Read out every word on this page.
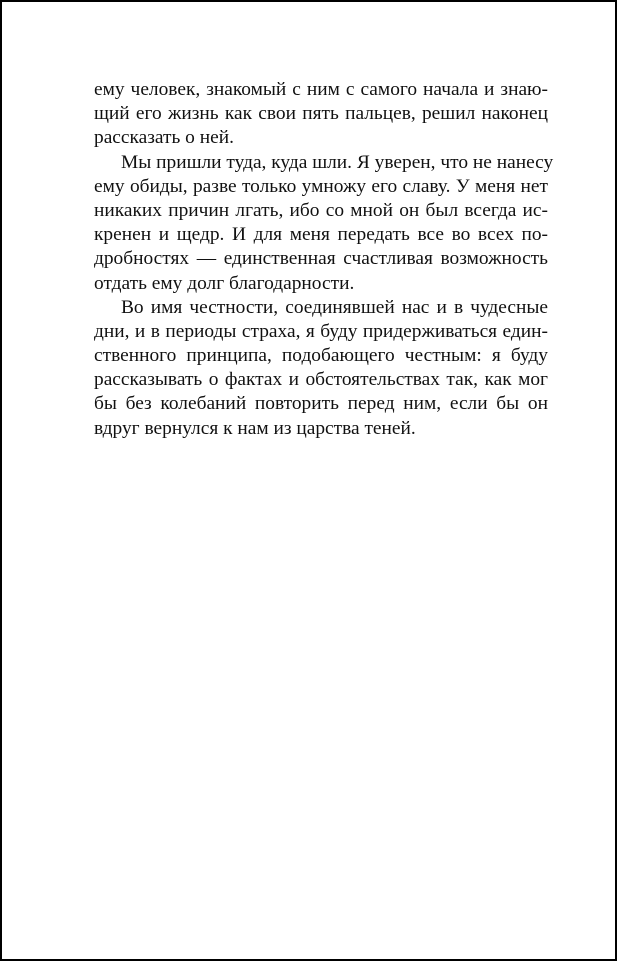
ему человек, знакомый с ним с самого начала и знаю-
щий его жизнь как свои пять пальцев, решил наконец
рассказать о ней.

Мы пришли туда, куда шли. Я уверен, что не нанесу
ему обиды, разве только умножу его славу. У меня нет
никаких причин лгать, ибо со мной он был всегда ис-
кренен и щедр. И для меня передать все во всех по-
дробностях — единственная счастливая возможность
отдать ему долг благодарности.

Во имя честности, соединявшей нас и в чудесные
дни, и в периоды страха, я буду придерживаться един-
ственного принципа, подобающего честным: я буду
рассказывать о фактах и обстоятельствах так, как мог
бы без колебаний повторить перед ним, если бы он
вдруг вернулся к нам из царства теней.
